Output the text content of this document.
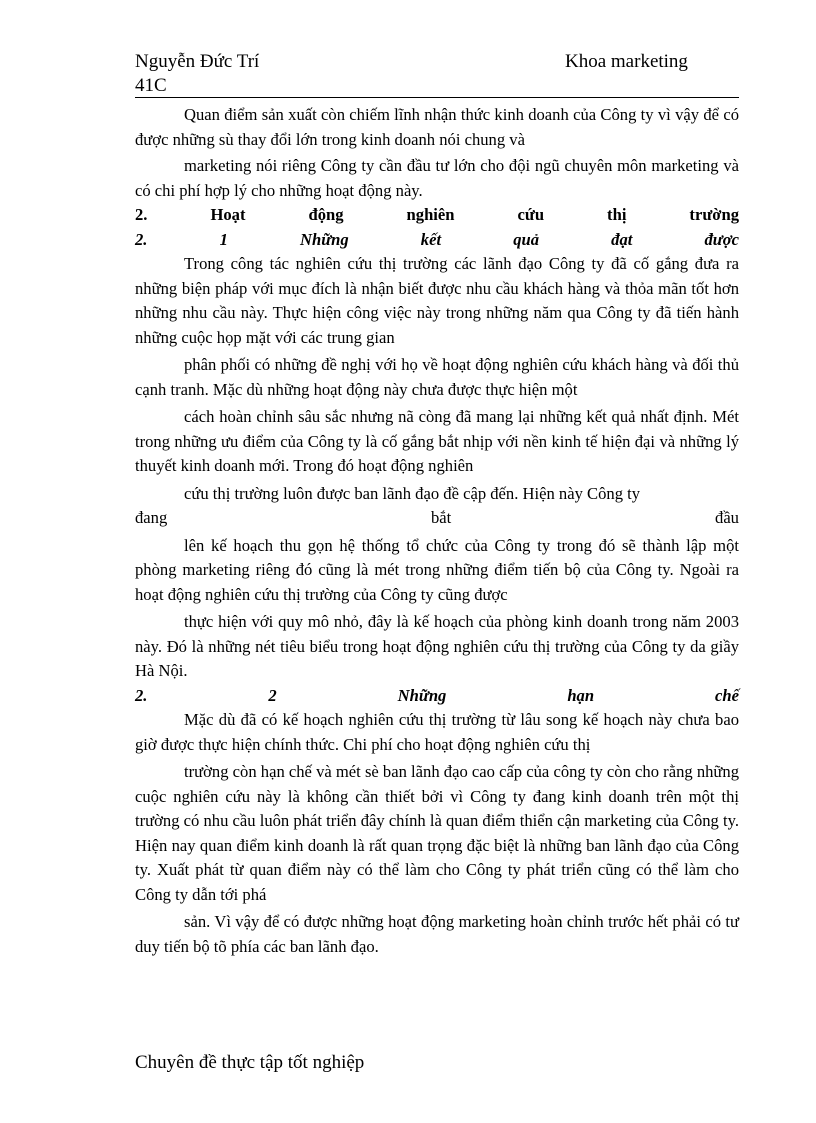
Nguyễn Đức Trí
41C
Khoa marketing

Quan điểm sản xuất còn chiếm lĩnh nhận thức kinh doanh của Công ty vì vậy để có được những sù thay đổi lớn trong kinh doanh nói chung và

marketing nói riêng Công ty cần đầu tư lớn cho đội ngũ chuyên môn marketing và có chi phí hợp lý cho những hoạt động này.

2. Hoạt động nghiên cứu thị trường

2. 1 Những kết quả đạt được

Trong công tác nghiên cứu thị trường các lãnh đạo Công ty đã cố gắng đưa ra những biện pháp với mục đích là nhận biết được nhu cầu khách hàng và thỏa mãn tốt hơn những nhu cầu này. Thực hiện công việc này trong những năm qua Công ty đã tiến hành những cuộc họp mặt với các trung gian

phân phối có những đề nghị với họ về hoạt động nghiên cứu khách hàng và đối thủ cạnh tranh. Mặc dù những hoạt động này chưa được thực hiện một

cách hoàn chỉnh sâu sắc nhưng nã còng đã mang lại những kết quả nhất định. Mét trong những ưu điểm của Công ty là cố gắng bắt nhịp với nền kinh tế hiện đại và những lý thuyết kinh doanh mới. Trong đó hoạt động nghiên

cứu thị trường luôn được ban lãnh đạo đề cập đến. Hiện này Công ty

đang	bắt	đầu

lên kế hoạch thu gọn hệ thống tổ chức của Công ty trong đó sẽ thành lập một phòng marketing riêng đó cũng là mét trong những điểm tiến bộ của Công ty. Ngoài ra hoạt động nghiên cứu thị trường của Công ty cũng được

thực hiện với quy mô nhỏ, đây là kế hoạch của phòng kinh doanh trong năm 2003 này. Đó là những nét tiêu biểu trong hoạt động nghiên cứu thị trường của Công ty da giầy Hà Nội.

2. 2 Những hạn chế

Mặc dù đã có kế hoạch nghiên cứu thị trường từ lâu song kế hoạch này chưa bao giờ được thực hiện chính thức. Chi phí cho hoạt động nghiên cứu thị

trường còn hạn chế và mét sè ban lãnh đạo cao cấp của công ty còn cho rằng những cuộc nghiên cứu này là không cần thiết bởi vì Công ty đang kinh doanh trên một thị trường có nhu cầu luôn phát triển đây chính là quan điểm thiển cận marketing của Công ty. Hiện nay quan điểm kinh doanh là rất quan trọng đặc biệt là những ban lãnh đạo của Công ty. Xuất phát từ quan điểm này có thể làm cho Công ty phát triển cũng có thể làm cho Công ty dẫn tới phá

sản. Vì vậy để có được những hoạt động marketing hoàn chỉnh trước hết phải có tư duy tiến bộ tõ phía các ban lãnh đạo.

Chuyên đề thực tập tốt nghiệp
